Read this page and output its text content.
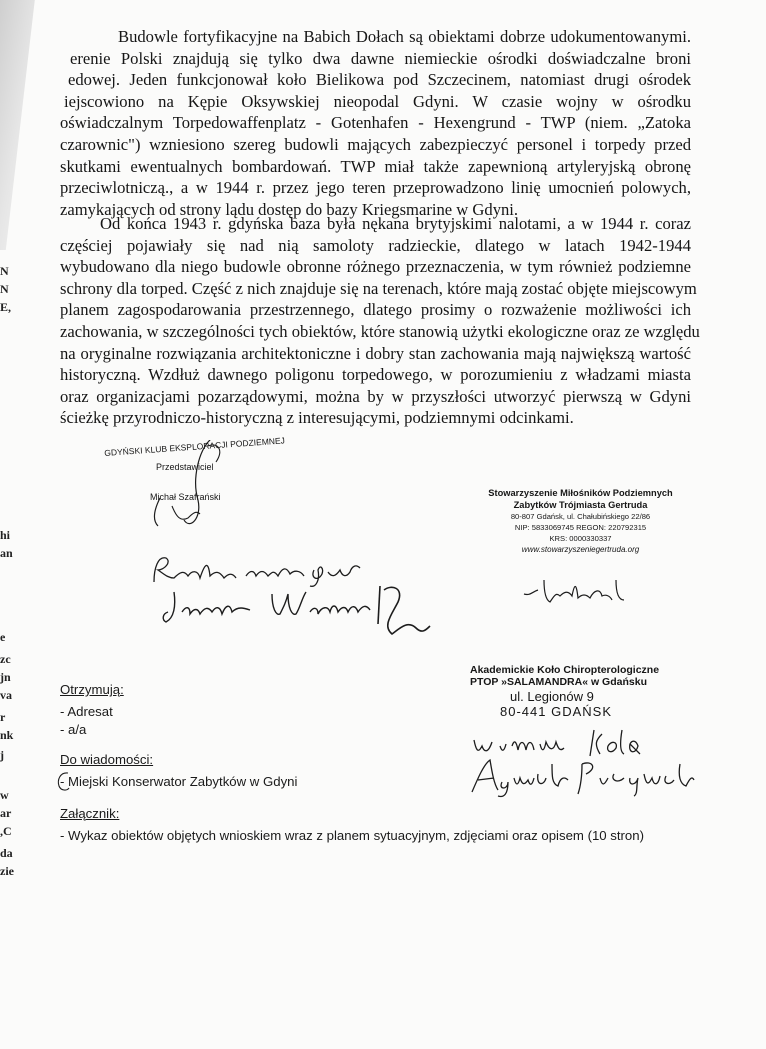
N
N
E,
hi
an
e
zc
jn
va
r
nk
j
w
ar
,C
da
zie
Budowle fortyfikacyjne na Babich Dołach są obiektami dobrze udokumentowanymi.
erenie Polski znajdują się tylko dwa dawne niemieckie ośrodki doświadczalne broni
edowej. Jeden funkcjonował koło Bielikowa pod Szczecinem, natomiast drugi ośrodek
iejscowiono na Kępie Oksywskiej nieopodal Gdyni. W czasie wojny w ośrodku
oświadczalnym Torpedowaffenplatz - Gotenhafen - Hexengrund - TWP (niem. „Zatoka
czarownic") wzniesiono szereg budowli mających zabezpieczyć personel i torpedy przed
skutkami ewentualnych bombardowań. TWP miał także zapewnioną artyleryjską obronę
przeciwlotniczą., a w 1944 r. przez jego teren przeprowadzono linię umocnień polowych,
zamykających od strony lądu dostęp do bazy Kriegsmarine w Gdyni.
Od końca 1943 r. gdyńska baza była nękana brytyjskimi nalotami, a w 1944 r. coraz
częściej pojawiały się nad nią samoloty radzieckie, dlatego w latach 1942-1944
wybudowano dla niego budowle obronne różnego przeznaczenia, w tym również podziemne
schrony dla torped. Część z nich znajduje się na terenach, które mają zostać objęte miejscowym
planem zagospodarowania przestrzennego, dlatego prosimy o rozważenie możliwości ich
zachowania, w szczególności tych obiektów, które stanowią użytki ekologiczne oraz ze względu
na oryginalne rozwiązania architektoniczne i dobry stan zachowania mają największą wartość
historyczną. Wzdłuż dawnego poligonu torpedowego, w porozumieniu z władzami miasta
oraz organizacjami pozarządowymi, można by w przyszłości utworzyć pierwszą w Gdyni
ścieżkę przyrodniczo-historyczną z interesującymi, podziemnymi odcinkami.
GDYŃSKI KLUB EKSPLORACJI PODZIEMNEJ
Przedstawiciel
Michał Szafrański	Stowarzyszenie Miłośników Podziemnych
Zabytków Trójmiasta Gertruda
80-807 Gdańsk, ul. Chałubińskiego 22/86
NIP: 5833069745 REGON: 220792315
KRS: 0000330337
www.stowarzyszeniegertruda.org
Akademickie Koło Chiropterologiczne
PTOP »SALAMANDRA« w Gdańsku
ul. Legionów 9
80-441 GDAŃSK
Otrzymują:
- Adresat
- a/a
Do wiadomości:
- Miejski Konserwator Zabytków w Gdyni
Załącznik:
- Wykaz obiektów objętych wnioskiem wraz z planem sytuacyjnym, zdjęciami oraz opisem (10 stron)
